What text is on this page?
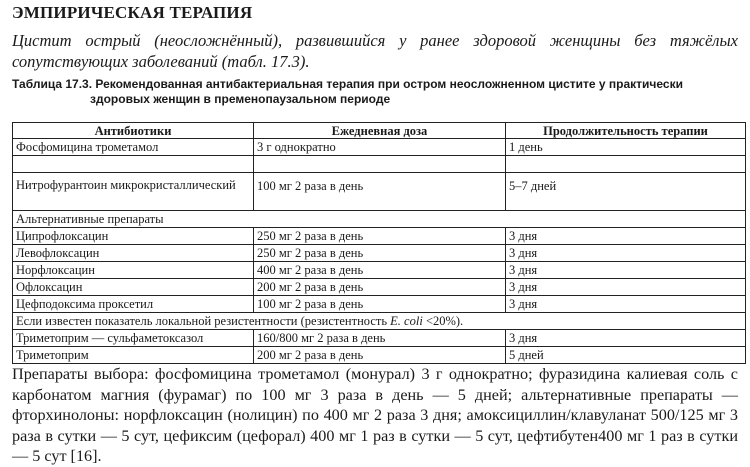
ЭМПИРИЧЕСКАЯ ТЕРАПИЯ
Цистит острый (неосложнённый), развившийся у ранее здоровой женщины без тяжёлых сопутствующих заболеваний (табл. 17.3).
Таблица 17.3. Рекомендованная антибактериальная терапия при остром неосложненном цистите у практически
здоровых женщин в пременопаузальном периоде
Антибиотики	Ежедневная доза	Продолжительность терапии
Фосфомицина трометамол	3 г однократно	1 день

Нитрофурантоин микрокристаллический	100 мг 2 раза в день	5–7 дней
Альтернативные препараты		
Ципрофлоксацин	250 мг 2 раза в день	3 дня
Левофлоксацин	250 мг 2 раза в день	3 дня
Норфлоксацин	400 мг 2 раза в день	3 дня
Офлоксацин	200 мг 2 раза в день	3 дня
Цефподоксима проксетил	100 мг 2 раза в день	3 дня
Если известен показатель локальной резистентности (резистентность E. coli <20%).		
Триметоприм — сульфаметоксазол	160/800 мг 2 раза в день	3 дня
Триметоприм	200 мг 2 раза в день	5 дней
Препараты выбора: фосфомицина трометамол (монурал) 3 г однократно; фуразидина калиевая соль с карбонатом магния (фурамаг) по 100 мг 3 раза в день — 5 дней; альтернативные препараты — фторхинолоны: норфлоксацин (нолицин) по 400 мг 2 раза 3 дня; амоксициллин/клавуланат 500/125 мг 3 раза в сутки — 5 сут, цефиксим (цефорал) 400 мг 1 раз в сутки — 5 сут, цефтибутен400 мг 1 раз в сутки — 5 сут [16].
